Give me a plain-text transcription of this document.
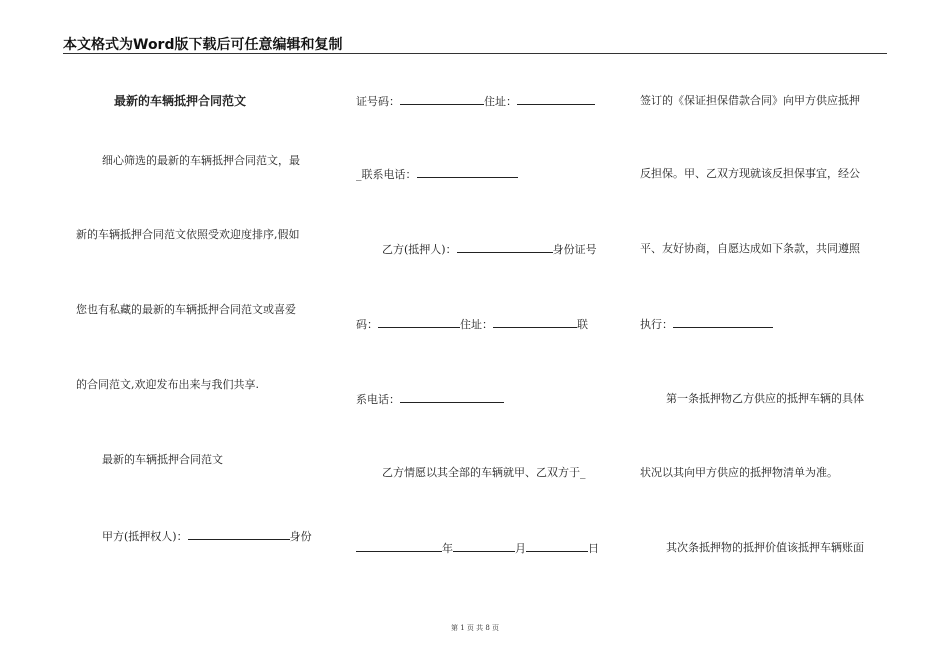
本文格式为Word版下载后可任意编辑和复制
最新的车辆抵押合同范文
细心筛选的最新的车辆抵押合同范文，最
新的车辆抵押合同范文依照受欢迎度排序,假如
您也有私藏的最新的车辆抵押合同范文或喜爱
的合同范文,欢迎发布出来与我们共享.
最新的车辆抵押合同范文
甲方(抵押权人)：	身份
证号码：	住址：
_联系电话：
乙方(抵押人)：	身份证号
码：	住址：	联
系电话：
乙方情愿以其全部的车辆就甲、乙双方于_
年	月	日
签订的《保证担保借款合同》向甲方供应抵押
反担保。甲、乙双方现就该反担保事宜，经公
平、友好协商，自愿达成如下条款，共同遵照
执行：
第一条抵押物乙方供应的抵押车辆的具体
状况以其向甲方供应的抵押物清单为准。
其次条抵押物的抵押价值该抵押车辆账面
第 1 页 共 8 页
